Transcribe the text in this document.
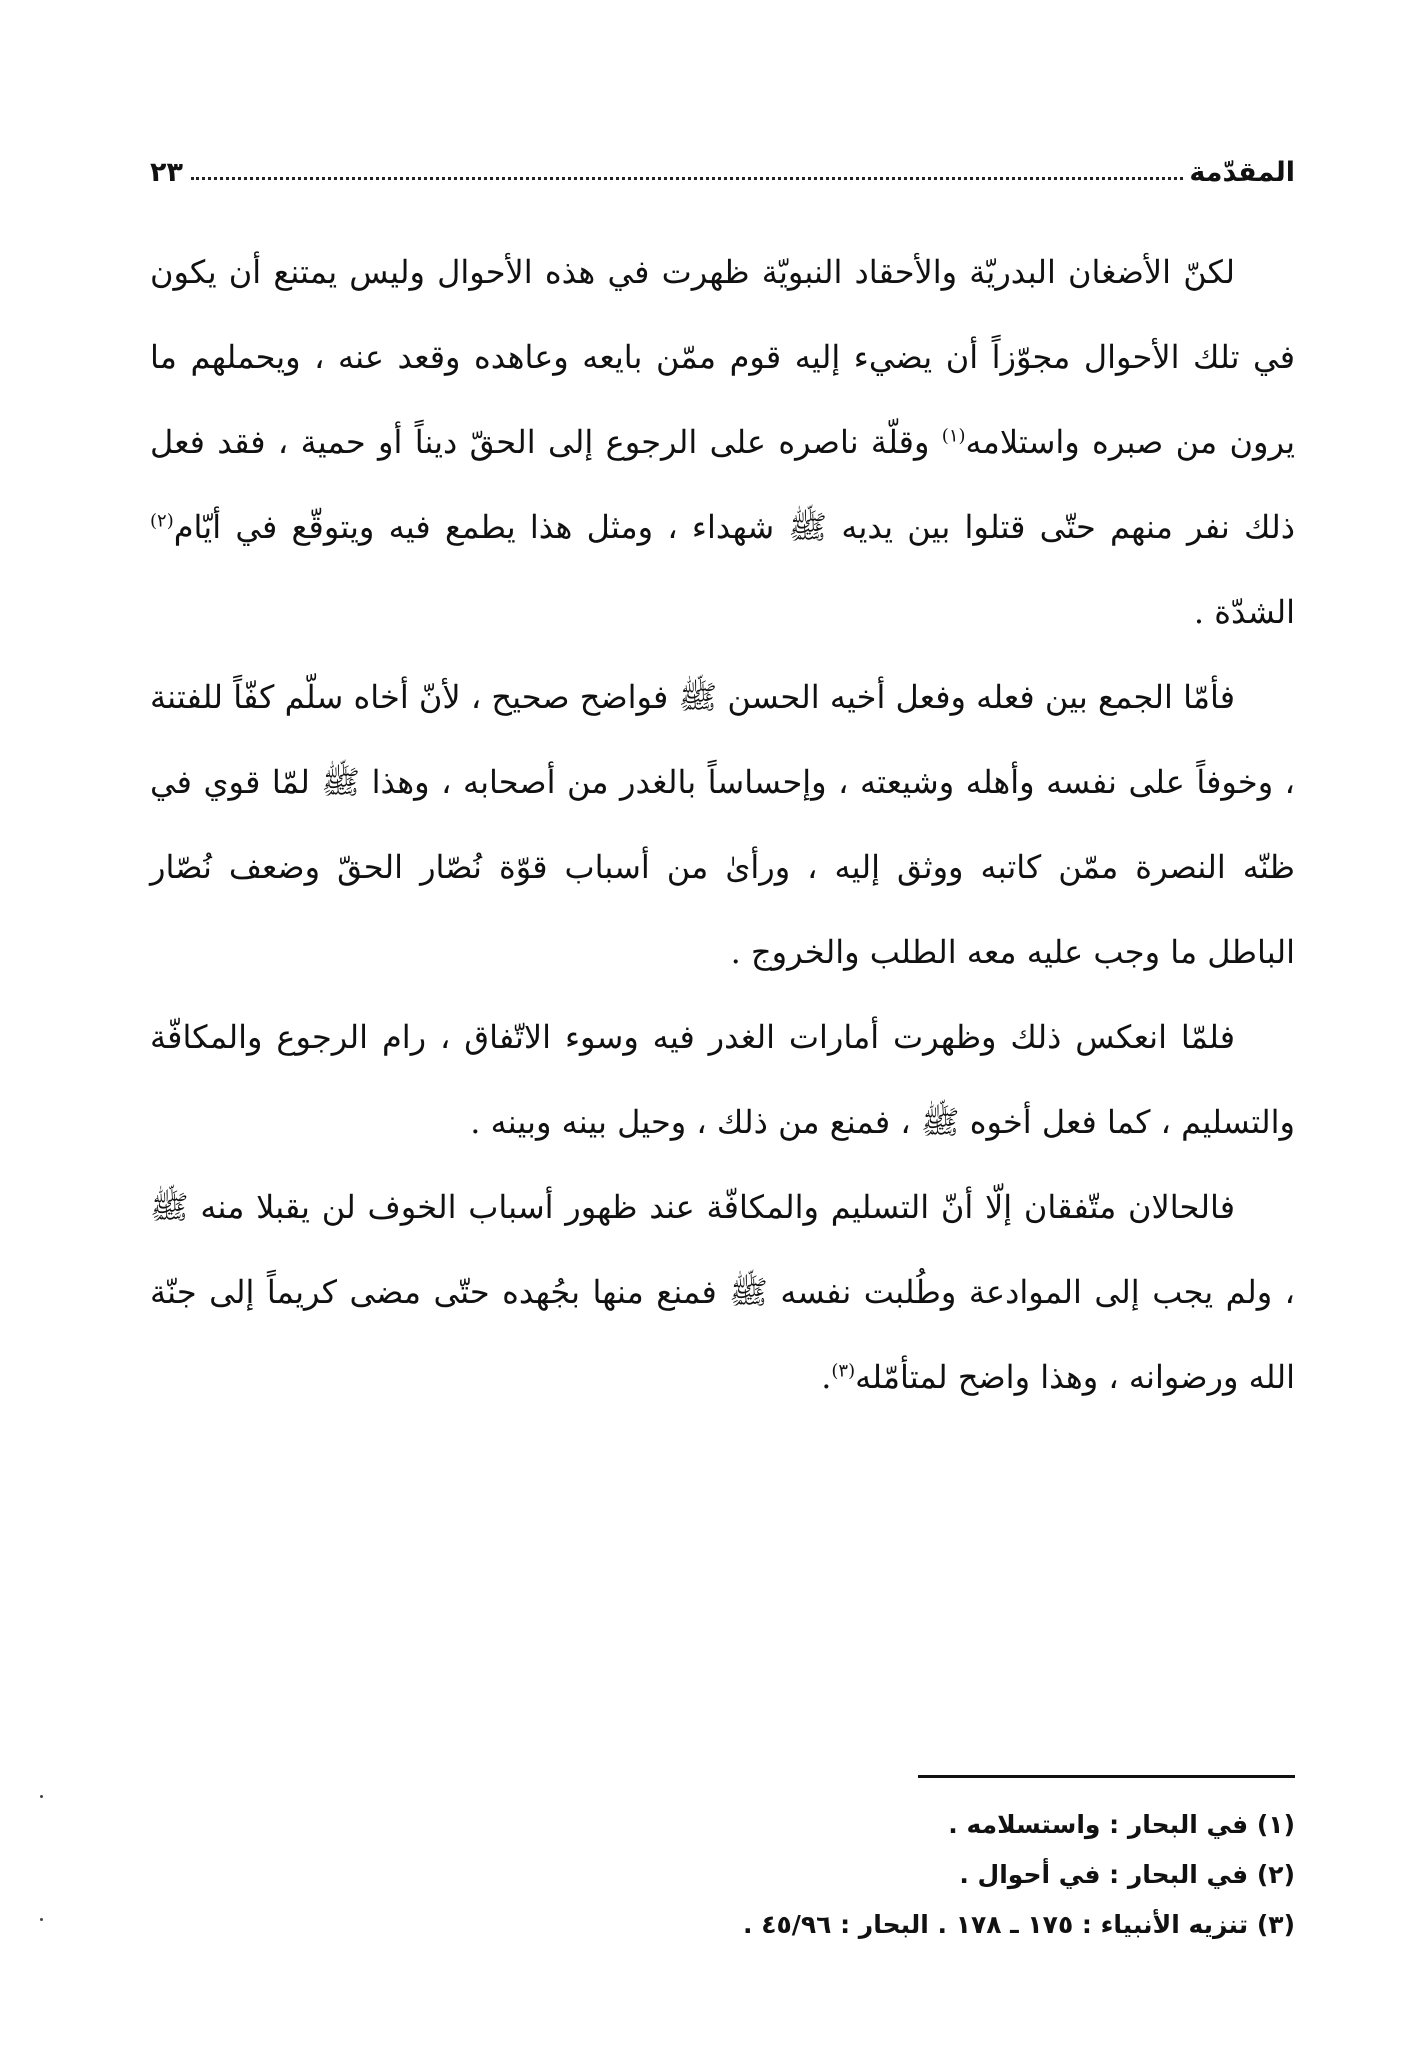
المقدّمة
٢٣

لكنّ الأضغان البدريّة والأحقاد النبويّة ظهرت في هذه الأحوال وليس يمتنع أن يكون في تلك الأحوال مجوّزاً أن يضيء إليه قوم ممّن بايعه وعاهده وقعد عنه ، ويحملهم ما يرون من صبره واستلامه$^{(١)}$ وقلّة ناصره على الرجوع إلى الحقّ ديناً أو حمية ، فقد فعل ذلك نفر منهم حتّى قتلوا بين يديه ﷺ شهداء ، ومثل هذا يطمع فيه ويتوقّع في أيّام$^{(٢)}$ الشدّة .

فأمّا الجمع بين فعله وفعل أخيه الحسن ﷺ فواضح صحيح ، لأنّ أخاه سلّم كفّاً للفتنة ، وخوفاً على نفسه وأهله وشيعته ، وإحساساً بالغدر من أصحابه ، وهذا ﷺ لمّا قوي في ظنّه النصرة ممّن كاتبه ووثق إليه ، ورأىٰ من أسباب قوّة نُصّار الحقّ وضعف نُصّار الباطل ما وجب عليه معه الطلب والخروج .

فلمّا انعكس ذلك وظهرت أمارات الغدر فيه وسوء الاتّفاق ، رام الرجوع والمكافّة والتسليم ، كما فعل أخوه ﷺ ، فمنع من ذلك ، وحيل بينه وبينه .

فالحالان متّفقان إلّا أنّ التسليم والمكافّة عند ظهور أسباب الخوف لن يقبلا منه ﷺ ، ولم يجب إلى الموادعة وطُلبت نفسه ﷺ فمنع منها بجُهده حتّى مضى كريماً إلى جنّة الله ورضوانه ، وهذا واضح لمتأمّله$^{(٣)}$.

(١) في البحار : واستسلامه .
(٢) في البحار : في أحوال .
(٣) تنزيه الأنبياء : ١٧٥ ـ ١٧٨ . البحار : ٤٥/٩٦ .
